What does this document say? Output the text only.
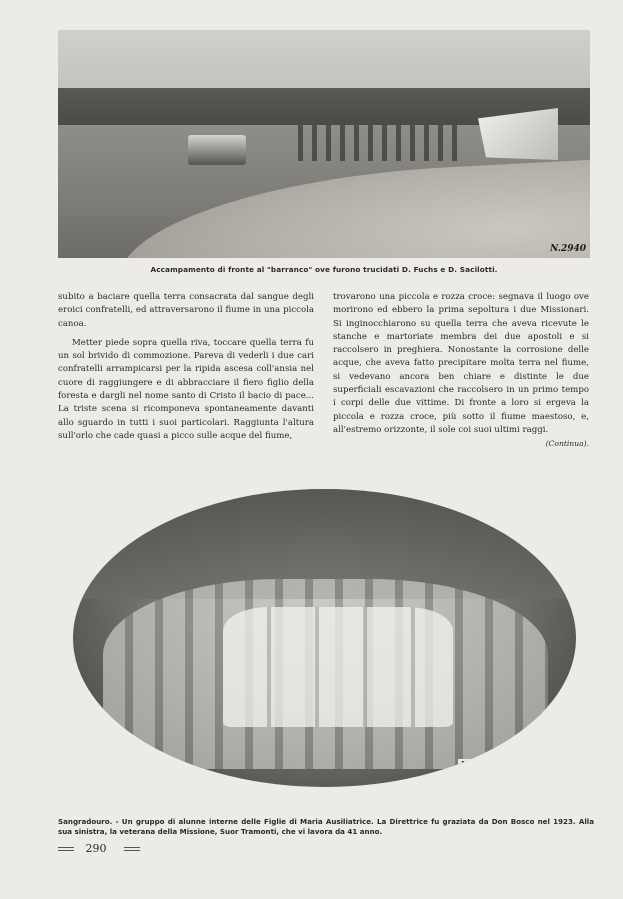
N.2940
Accampamento di fronte al "barranco" ove furono trucidati D. Fuchs e D. Sacilotti.

subito a baciare quella terra consacrata dal sangue degli eroici confratelli, ed attraversarono il fiume in una piccola canoa.

Metter piede sopra quella riva, toccare quella terra fu un sol brivido di commozione. Pareva di vederli i due cari confratelli arrampicarsi per la ripida ascesa coll'ansia nel cuore di raggiungere e di abbracciare il fiero figlio della foresta e dargli nel nome santo di Cristo il bacio di pace... La triste scena si ricomponeva spontaneamente davanti allo sguardo in tutti i suoi particolari. Raggiunta l'altura sull'orlo che cade quasi a picco sulle acque del fiume,

trovarono una piccola e rozza croce: segnava il luogo ove morirono ed ebbero la prima sepoltura i due Missionari. Si inginocchiarono su quella terra che aveva ricevute le stanche e martoriate membra dei due apostoli e si raccolsero in preghiera. Nonostante la corrosione delle acque, che aveva fatto precipitare molta terra nel fiume, si vedevano ancora ben chiare e distinte le due superficiali escavazioni che raccolsero in un primo tempo i corpi delle due vittime. Di fronte a loro si ergeva la piccola e rozza croce, più sotto il fiume maestoso, e, all'estremo orizzonte, il sole coi suoi ultimi raggi.

(Continua).

N.2937
Sangradouro. - Un gruppo di alunne interne delle Figlie di Maria Ausiliatrice. La Direttrice fu graziata da Don Bosco nel 1923. Alla sua sinistra, la veterana della Missione, Suor Tramonti, che vi lavora da 41 anno.
290
